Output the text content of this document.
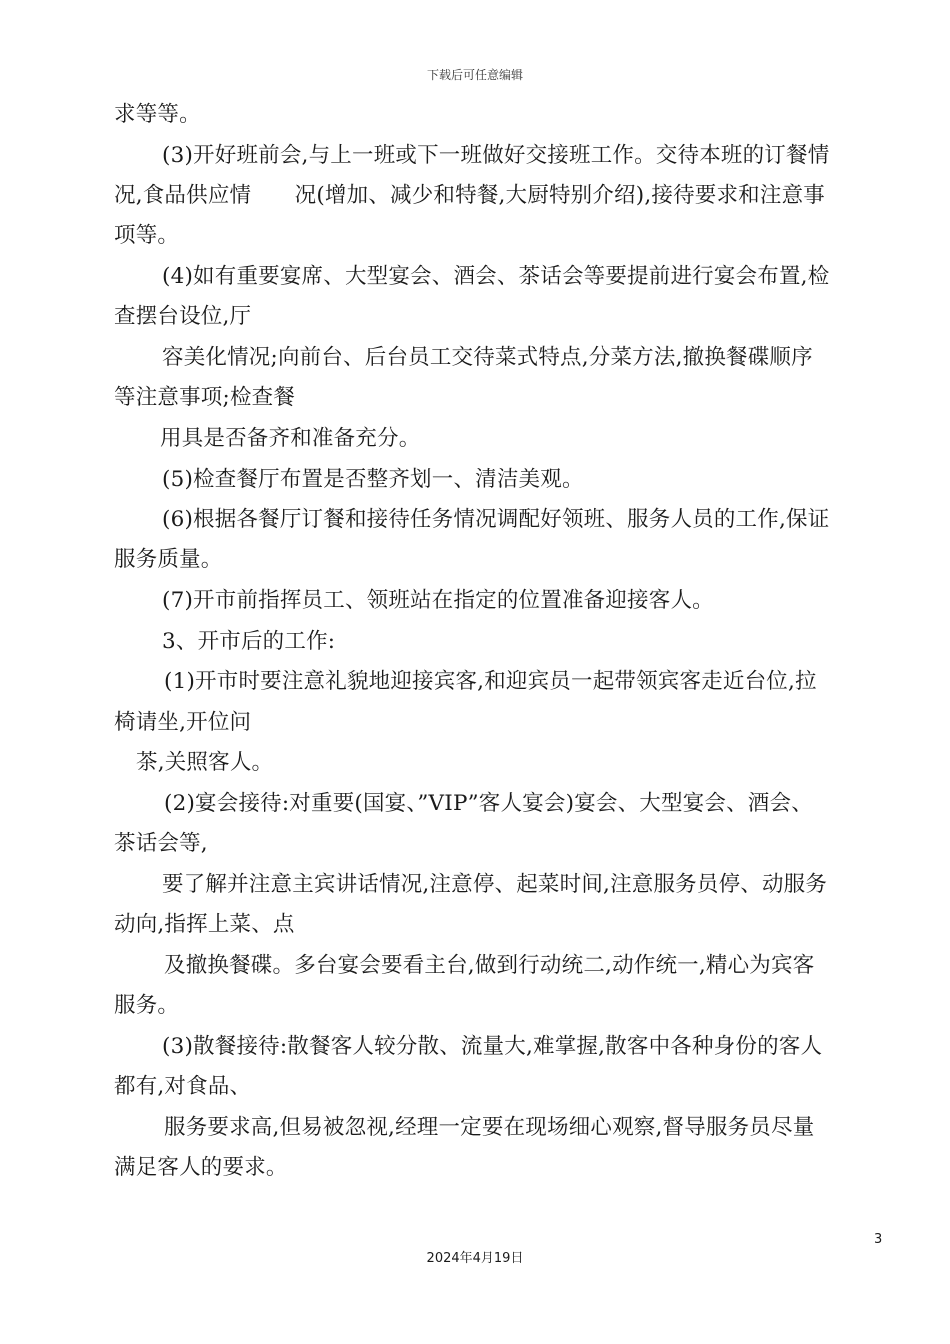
下载后可任意编辑
求等等。
(3)开好班前会,与上一班或下一班做好交接班工作。交待本班的订餐情
况,食品供应情　　况(增加、减少和特餐,大厨特别介绍),接待要求和注意事
项等。
(4)如有重要宴席、大型宴会、酒会、茶话会等要提前进行宴会布置,检
查摆台设位,厅
容美化情况;向前台、后台员工交待菜式特点,分菜方法,撤换餐碟顺序
等注意事项;检查餐
用具是否备齐和准备充分。
(5)检查餐厅布置是否整齐划一、清洁美观。
(6)根据各餐厅订餐和接待任务情况调配好领班、服务人员的工作,保证
服务质量。
(7)开市前指挥员工、领班站在指定的位置准备迎接客人。
3、开市后的工作:
(1)开市时要注意礼貌地迎接宾客,和迎宾员一起带领宾客走近台位,拉
椅请坐,开位问
茶,关照客人。
(2)宴会接待:对重要(国宴、”VIP”客人宴会)宴会、大型宴会、酒会、
茶话会等,
要了解并注意主宾讲话情况,注意停、起菜时间,注意服务员停、动服务
动向,指挥上菜、点
及撤换餐碟。多台宴会要看主台,做到行动统二,动作统一,精心为宾客
服务。
(3)散餐接待:散餐客人较分散、流量大,难掌握,散客中各种身份的客人
都有,对食品、
服务要求高,但易被忽视,经理一定要在现场细心观察,督导服务员尽量
满足客人的要求。
3
2024年4月19日
